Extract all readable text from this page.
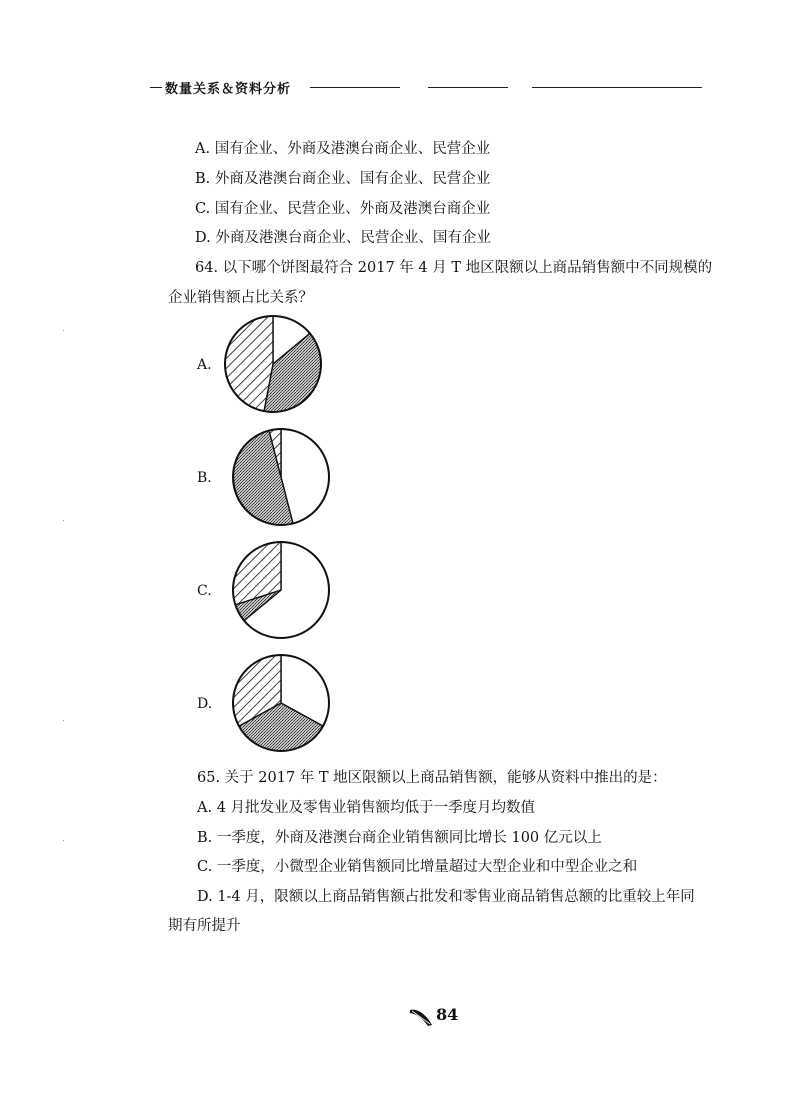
数量关系＆资料分析
A. 国有企业、外商及港澳台商企业、民营企业
B. 外商及港澳台商企业、国有企业、民营企业
C. 国有企业、民营企业、外商及港澳台商企业
D. 外商及港澳台商企业、民营企业、国有企业
64. 以下哪个饼图最符合 2017 年 4 月 T 地区限额以上商品销售额中不同规模的
企业销售额占比关系？
A.
B.
C.
D.
65. 关于 2017 年 T 地区限额以上商品销售额，能够从资料中推出的是：
A. 4 月批发业及零售业销售额均低于一季度月均数值
B. 一季度，外商及港澳台商企业销售额同比增长 100 亿元以上
C. 一季度，小微型企业销售额同比增量超过大型企业和中型企业之和
D. 1-4 月，限额以上商品销售额占批发和零售业商品销售总额的比重较上年同
期有所提升
84
